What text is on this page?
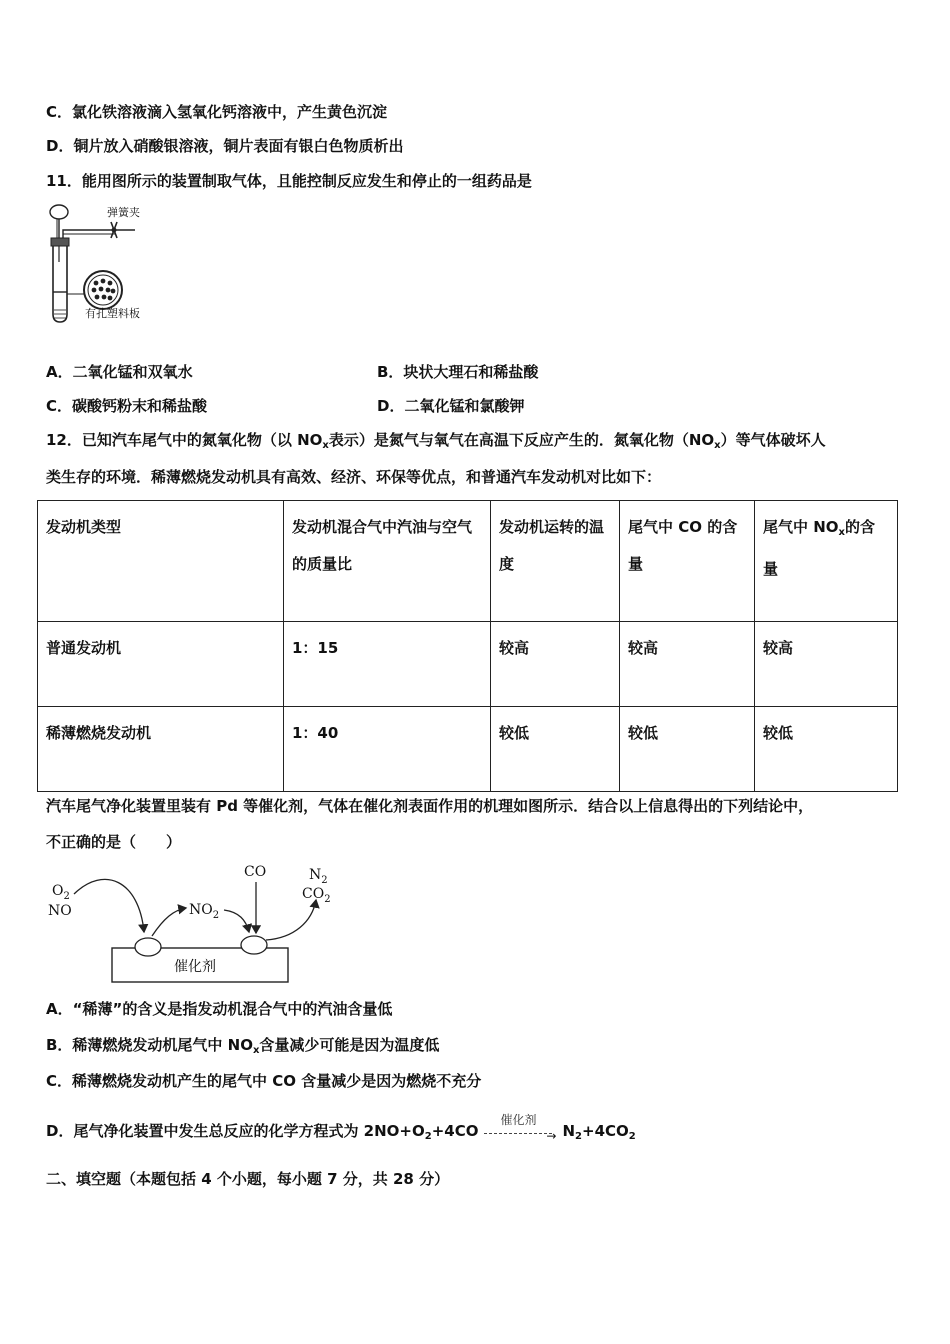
C．氯化铁溶液滴入氢氧化钙溶液中，产生黄色沉淀
D．铜片放入硝酸银溶液，铜片表面有银白色物质析出
11．能用图所示的装置制取气体，且能控制反应发生和停止的一组药品是
弹簧夹
有孔塑料板
A．二氧化锰和双氧水	B．块状大理石和稀盐酸
C．碳酸钙粉末和稀盐酸	D．二氧化锰和氯酸钾
12．已知汽车尾气中的氮氧化物（以 $NO_x$表示）是氮气与氧气在高温下反应产生的．氮氧化物$(NO_x)$等气体破坏人
类生存的环境．稀薄燃烧发动机具有高效、经济、环保等优点，和普通汽车发动机对比如下：
发动机类型	发动机混合气中汽油与空气的质量比	发动机运转的温度	尾气中 CO 的含量	尾气中 $NO_x$的含量
普通发动机	1：15	较高	较高	较高
稀薄燃烧发动机	1：40	较低	较低	较低
汽车尾气净化装置里装有 Pd 等催化剂，气体在催化剂表面作用的机理如图所示．结合以上信息得出的下列结论中，
不正确的是（　　）
催化剂
$O_2$
NO	$NO_2$
CO	$N_2$
$CO_2$
A．“稀薄”的含义是指发动机混合气中的汽油含量低
B．稀薄燃烧发动机尾气中 $NO_x$含量减少可能是因为温度低
C．稀薄燃烧发动机产生的尾气中 CO 含量减少是因为燃烧不充分
D．尾气净化装置中发生总反应的化学方程式为 $2NO+O_2+4CO$
催化剂
→ $N_2+4CO_2$
二、填空题（本题包括 4 个小题，每小题 7 分，共 28 分）
